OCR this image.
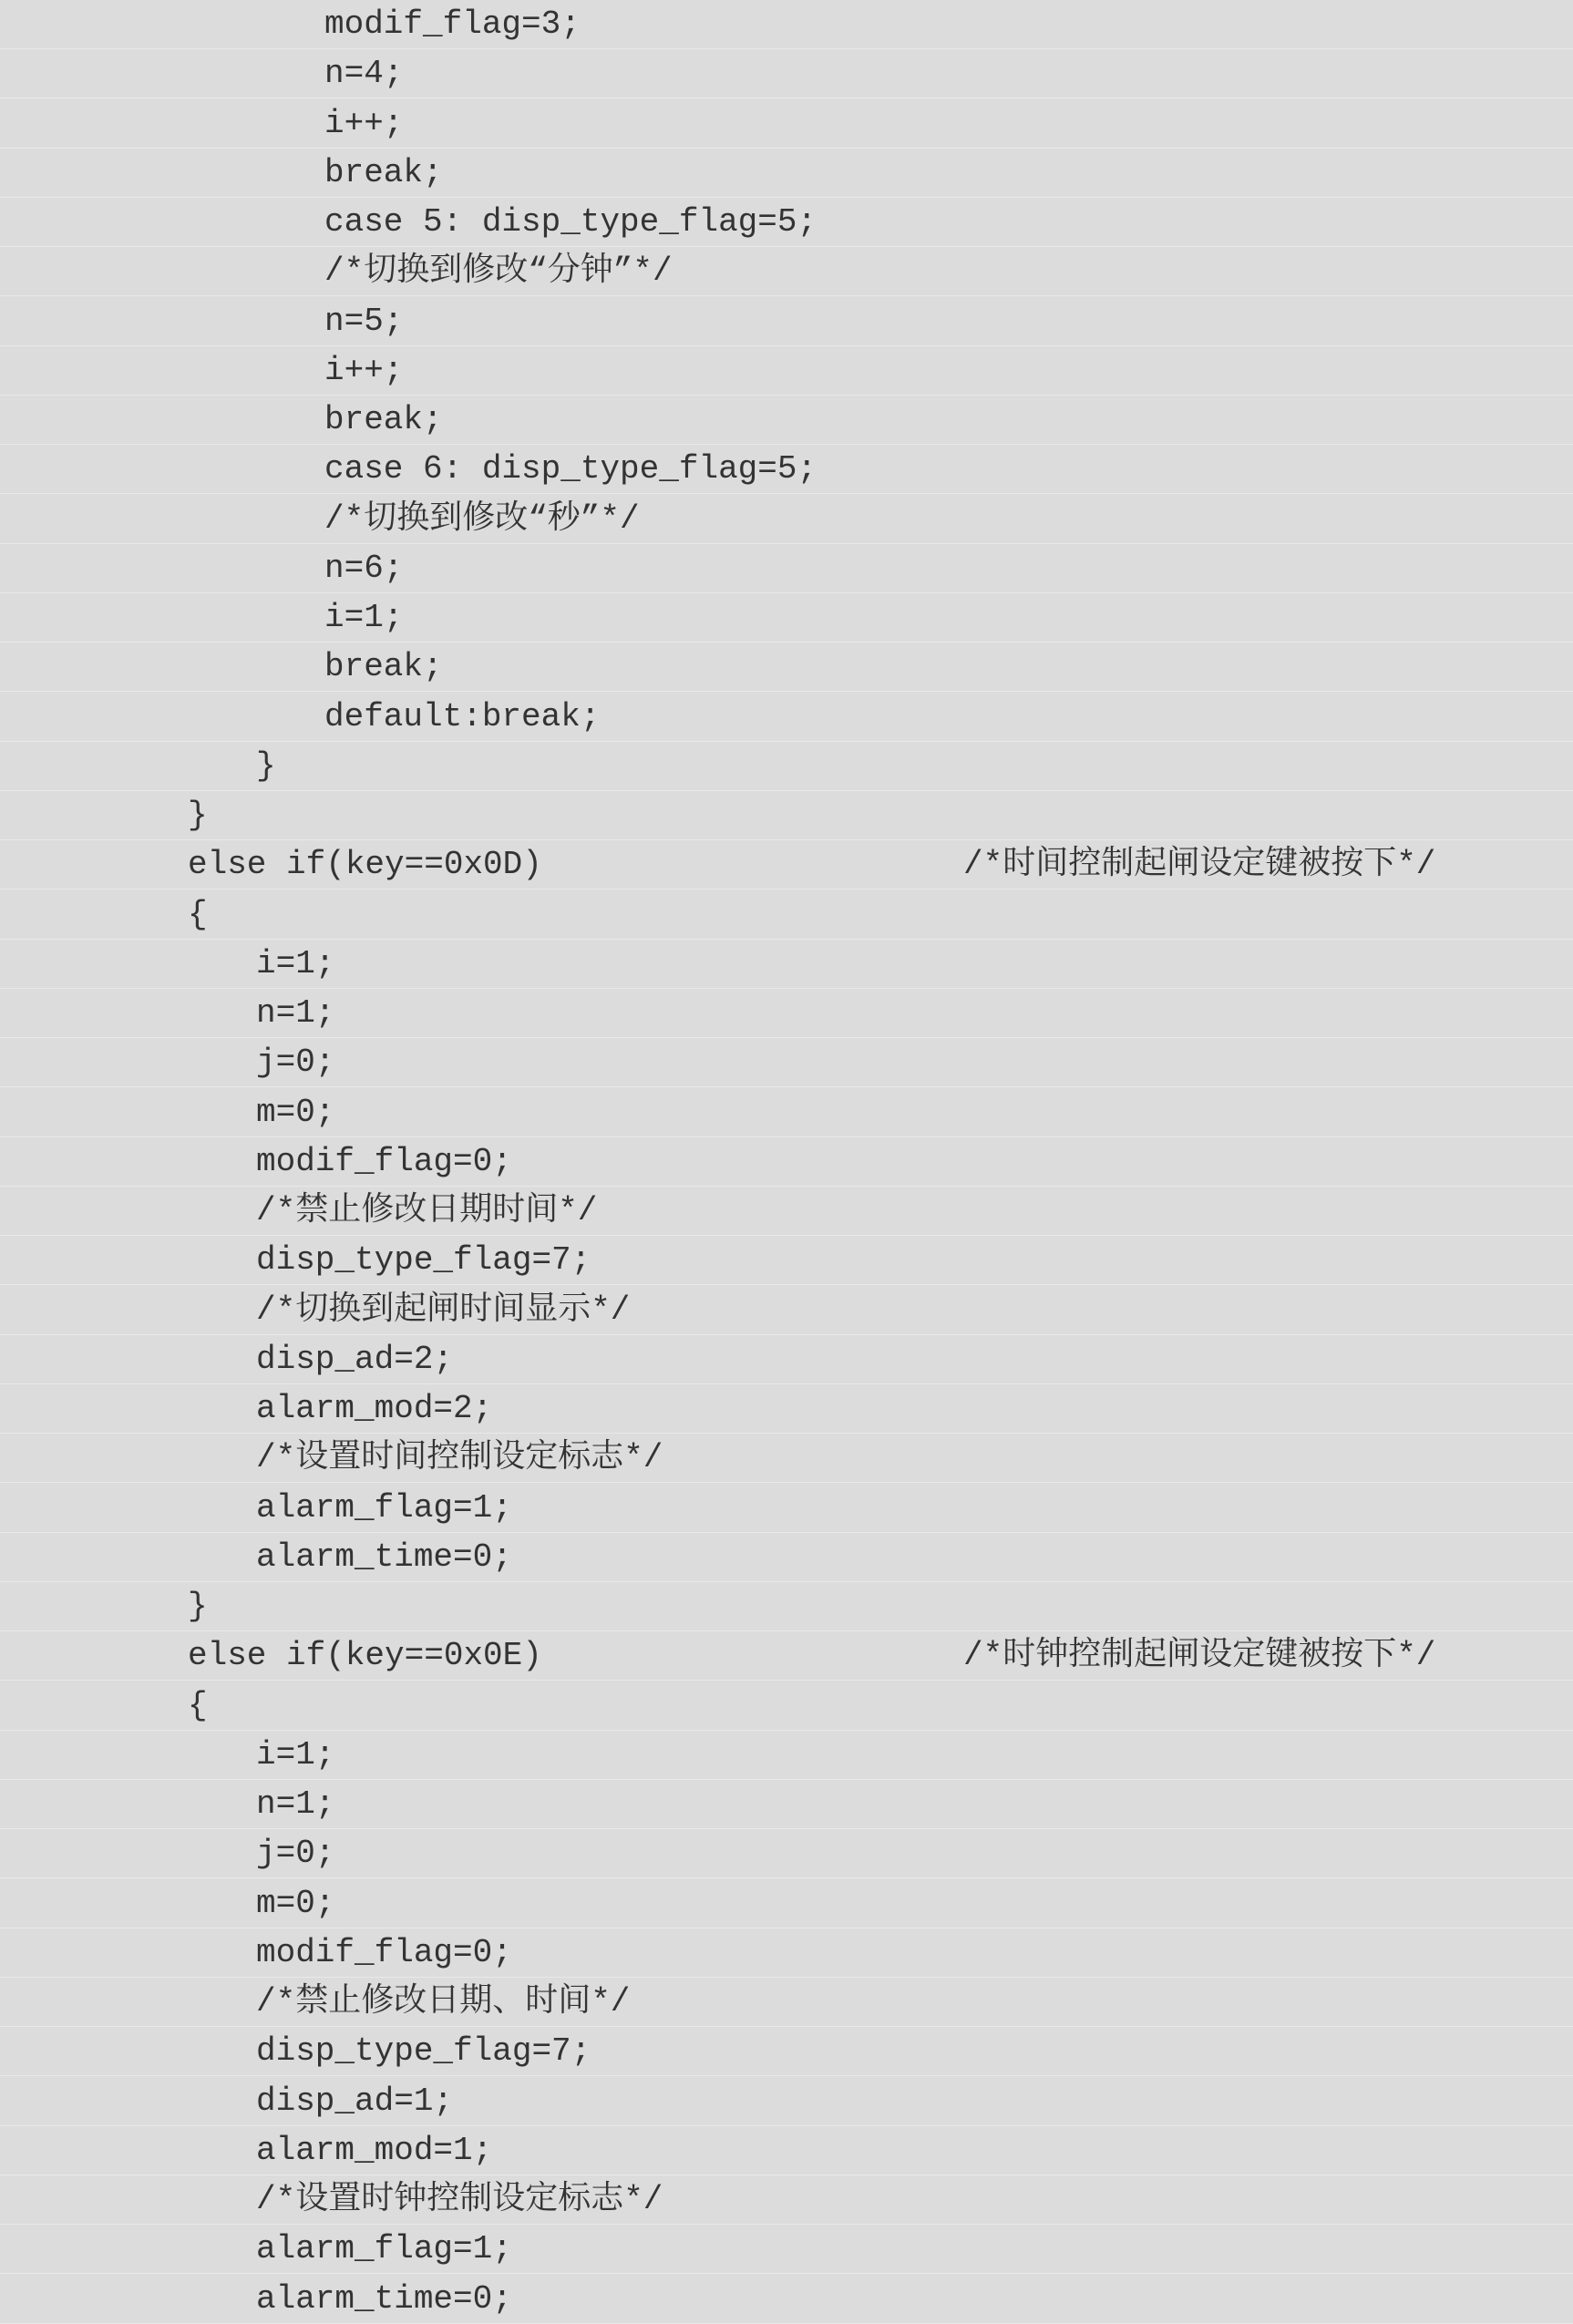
modif_flag=3;
n=4;
i++;
break;
case 5: disp_type_flag=5;
/*切换到修改“分钟”*/
n=5;
i++;
break;
case 6: disp_type_flag=5;
/*切换到修改“秒”*/
n=6;
i=1;
break;
default:break;
}
}
else if(key==0x0D)	/*时间控制起闸设定键被按下*/
{
i=1;
n=1;
j=0;
m=0;
modif_flag=0;
/*禁止修改日期时间*/
disp_type_flag=7;
/*切换到起闸时间显示*/
disp_ad=2;
alarm_mod=2;
/*设置时间控制设定标志*/
alarm_flag=1;
alarm_time=0;
}
else if(key==0x0E)	/*时钟控制起闸设定键被按下*/
{
i=1;
n=1;
j=0;
m=0;
modif_flag=0;
/*禁止修改日期、时间*/
disp_type_flag=7;
disp_ad=1;
alarm_mod=1;
/*设置时钟控制设定标志*/
alarm_flag=1;
alarm_time=0;
